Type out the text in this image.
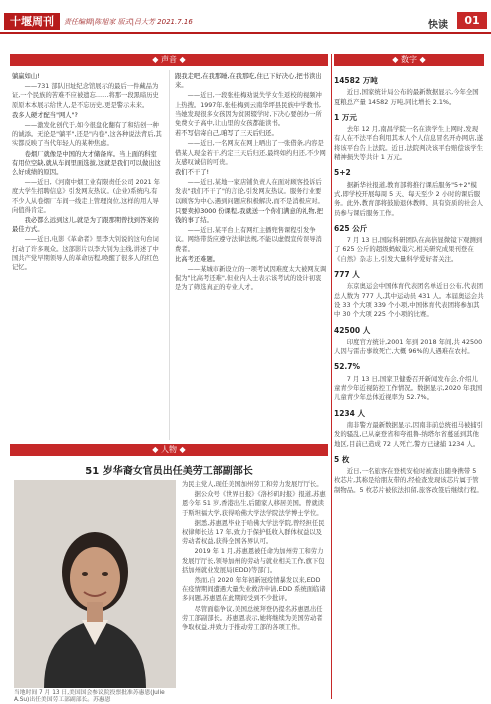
十堰周刊	责任编辑|陈旭家 版式|吕大芳 2021.7.16	快读	01
◆ 声音 ◆	◆ 数字 ◆
◆ 人物 ◆

躺赢如山!

——731 部队旧址纪念馆展示的最后一件藏品为证,一个民族的苦难不应被遗忘……将那一段黑暗历史原原本本展示给世人,是不忘历史,更是警示未来。

我多人硬才配当"网人"?

——激发化创代于,如今很盘化翻有了和结创一种的诚添。无论是"躺平",还是"内卷",这各种说法背后,其实都反映了当代年轻人的某种焦虑。

卷烟厂就像是中国的大才储备库。当上面的科室有用位空缺,就从车间里面选拔,这就是我们可以做出这么好成绩的原因。

——近日,《河南中烟工业有限责任公司 2021 年度大学生招聘信息》引发网友热议。(企业)系统内,有不少人从卷烟厂车间一线走上管理岗位,这样的用人导向值得肯定。

我必都么远到这儿,就是为了跟那期曾找到答案的最佳方式。

——近日,电影《革命者》里李大钊说的这句台词打动了许多观众。这部影片以李大钊为主线,讲述了中国共产党早期领导人的革命历程,唤醒了很多人的红色记忆。

跟我走吧,在我那睡,在我那吃,住已下好决心,把书读出来。

——近日,一段张桂梅劝说失学女生返校的视频冲上热搜。1997年,张桂梅到云南华坪县民族中学教书,当她发现很多女孩因为贫困辍学时,下决心要创办一所免费女子高中,让山里的女孩都能读书。

若不写信寄自己,咱写了三天后归还。

——近日,一名网友在网上晒出了一张借条,内容是借某人现金若干,约定三天后归还,最终如约归还,不少网友感叹诚信的可贵。

我们不干了!

——近日,某地一家店铺负责人在面对顾客投诉后发表"我们不干了"的言论,引发网友热议。服务行业要以顾客为中心,遇到问题应积极解决,而不是消极应对。

只要卖掉3000 份课程,我就送一个你们满意的礼物,把钱的事了结。

——近日,某平台上有网红主播兜售课程引发争议。网络带货应遵守法律法规,不能以虚假宣传误导消费者。

比高考还难题。

——某城市新设立的一项考试因难度太大被网友调侃为"比高考还难",但业内人士表示该考试的设计初衷是为了筛选真正的专业人才。

51 岁华裔女官员出任美劳工部副部长
当地时间 7 月 13 日,美国国会参议院投票批准苏惠恩(Julie A.Su)出任美国劳工部副部长。苏惠恩

为民主党人,现任美国加州劳工和劳力发展厅厅长。

据公众号《世界日报》《洛杉矶时报》报道,苏惠恩今年 51 岁,香港出生,后随家人移居美国。曾就读于斯坦福大学,获得哈佛大学法学院法学博士学位。

据悉,苏惠恩毕业于哈佛大学法学院,曾经担任民权律师长达 17 年,致力于保护低收入群体权益以及劳动者权益,获得全国各界认可。

2019 年 1 月,苏惠恩被任命为加州劳工和劳力发展厅厅长,领导加州的劳动与就业相关工作,旗下包括加州就业发展局(EDD)等部门。

然而,自 2020 年年初新冠疫情暴发以来,EDD 在疫情期间遭遇大量失业救济申请,EDD 系统面临诸多问题,苏惠恩在此期间受到不少批评。

尽管面临争议,美国总统拜登仍提名苏惠恩出任劳工部副部长。苏惠恩表示,她将继续为美国劳动者争取权益,并致力于推动劳工部的各项工作。

14582 万吨

近日,国家统计局公布的最新数据显示,今年全国夏粮总产量 14582 万吨,同比增长 2.1%。

1 万元

去年 12 月,南昌学院一名在读学生上网时,发现有人在不法平台利用其本人个人信息冒名开办网店,遂将该平台告上法院。近日,法院判决该平台赔偿该学生精神损失等共计 1 万元。

5+2

据新华社报道,教育部将推行课后服务"5+2"模式,即学校开展每周 5 天、每天至少 2 小时的课后服务。此外,教育部将鼓励退休教师、具有资质的社会人员参与课后服务工作。

625 公斤

7 月 13 日,国际科研团队在高倍显微镜下观测到了 625 公斤的超级蚂蚁巢穴,相关研究成果刊登在《自然》杂志上,引发大量科学爱好者关注。

777 人

东京奥运会中国体育代表团名单近日公布,代表团总人数为 777 人,其中运动员 431 人。本届奥运会共设 33 个大项 339 个小项,中国体育代表团将参加其中 30 个大项 225 个小项的比赛。

42500 人

印度官方统计,2001 年到 2018 年间,共 42500 人因与雷击事故死亡,大概 96%的人遇难在农村。

52.7%

7 月 13 日,国家卫健委召开新闻发布会,介绍儿童青少年近视防控工作情况。数据显示,2020 年我国儿童青少年总体近视率为 52.7%。

1234 人

南非警方最新数据显示,因南非前总统祖马被捕引发的骚乱,已从豪登省和夸祖鲁-纳塔尔省蔓延到其他地区,目前已造成 72 人死亡,警方已逮捕 1234 人。

5 枚

近日,一名旅客在登机安检时被查出随身携带 5 枚芯片,其称是给朋友带的,经检查发现该芯片属于管制物品。5 枚芯片被依法扣留,旅客改签后继续行程。
